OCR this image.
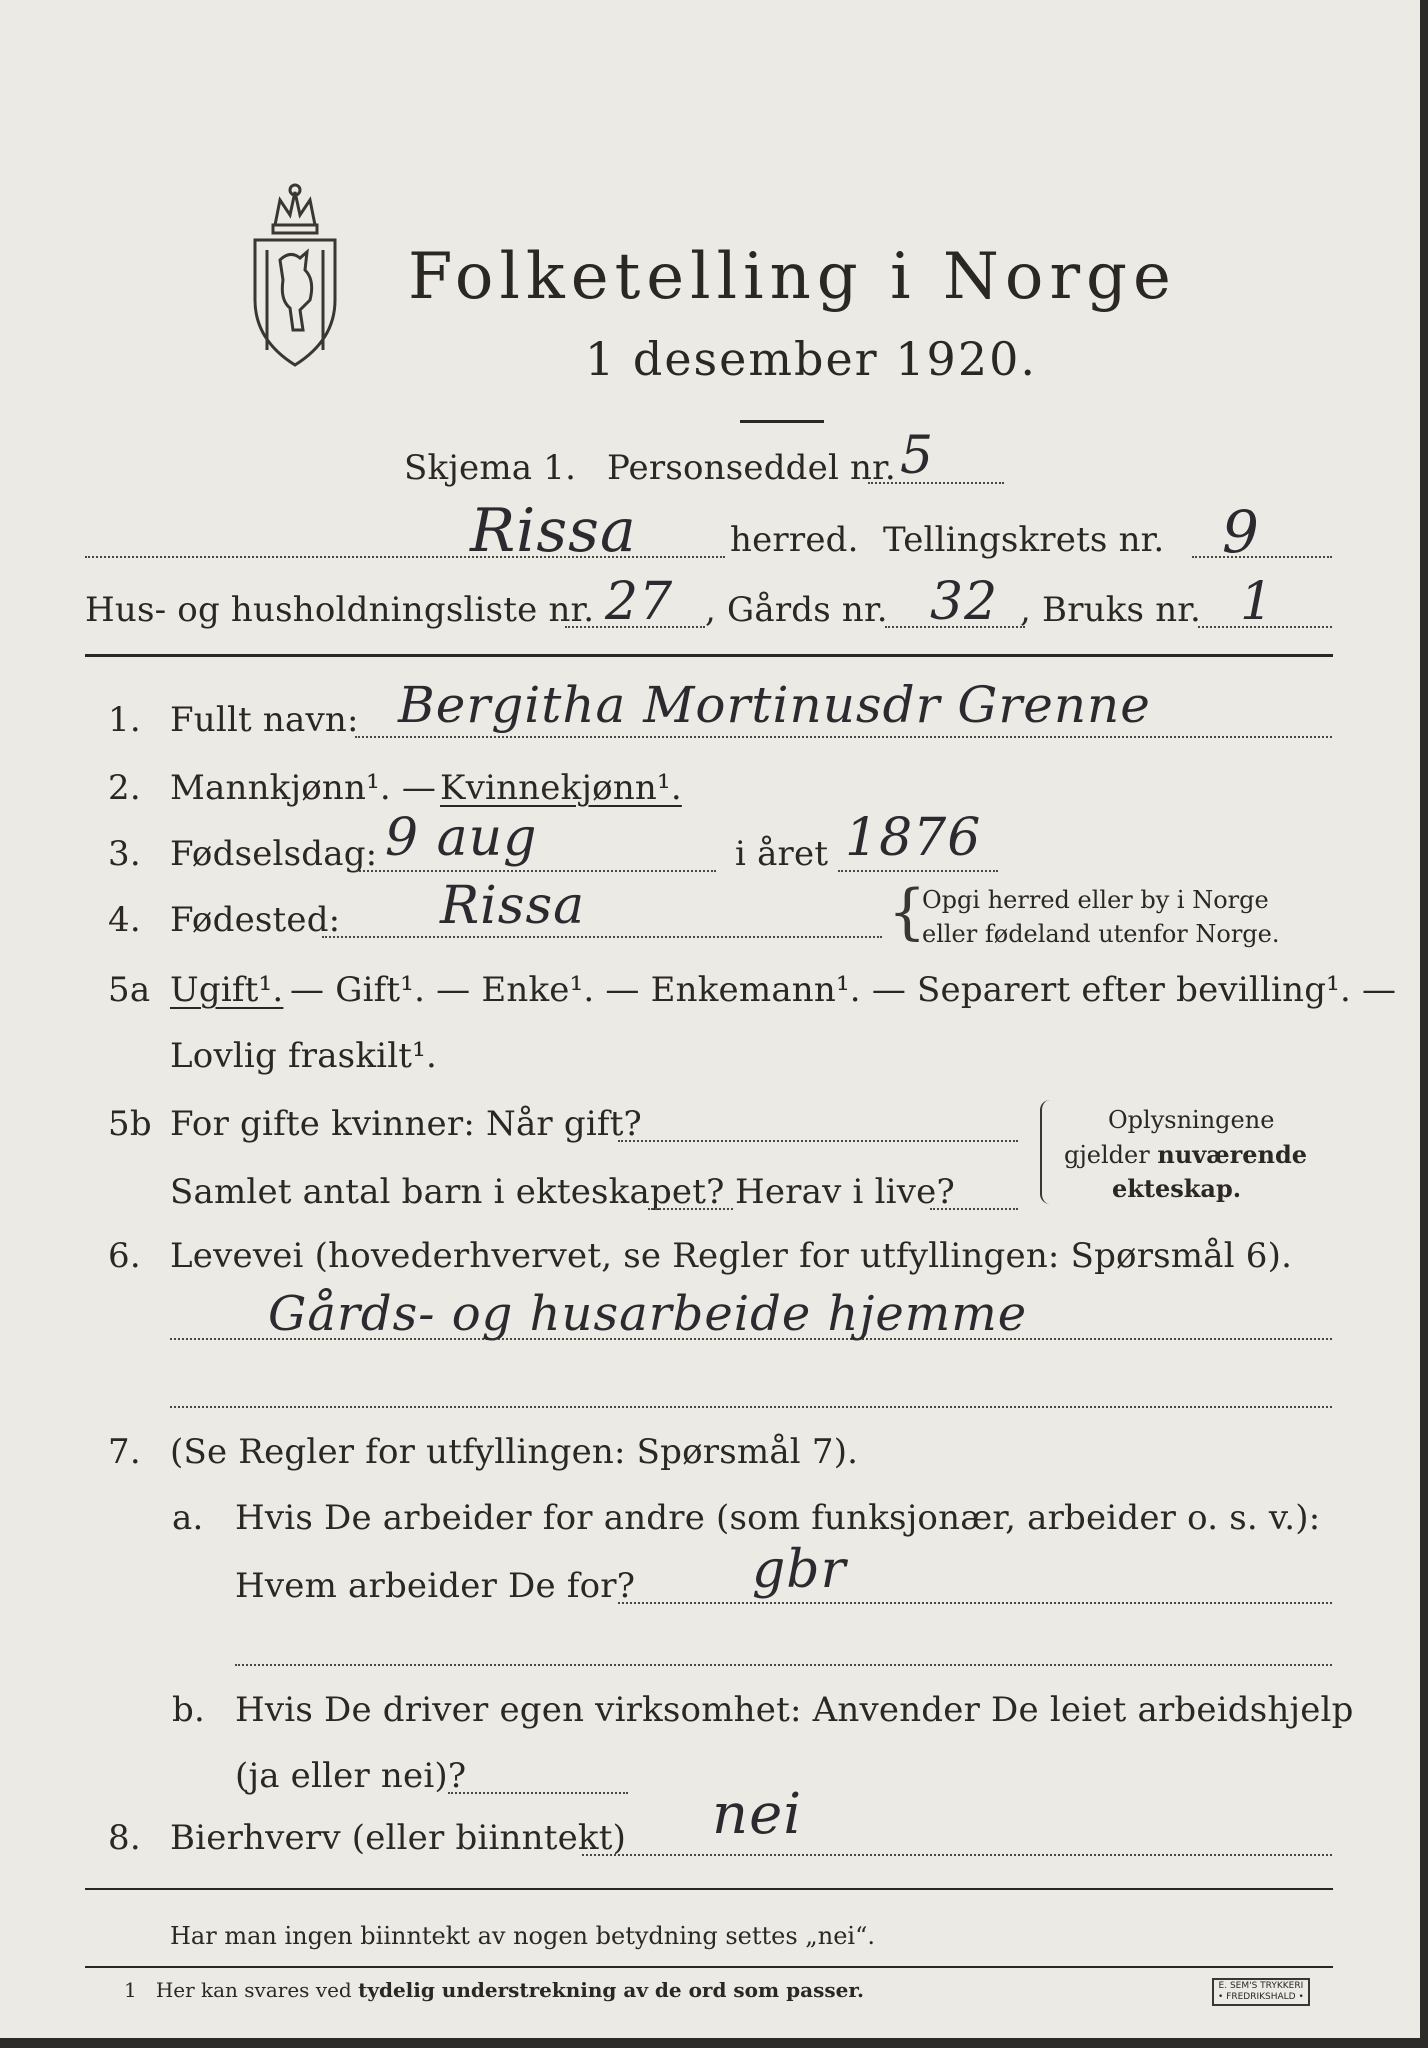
Folketelling i Norge
1 desember 1920.
Skjema 1. Personseddel nr. 5
Rissa	herred. Tellingskrets nr. 9
Hus- og husholdningsliste nr. 27 , Gårds nr. 32 , Bruks nr. 1
1. Fullt navn: Bergitha Mortinusdr Grenne
2. Mannkjønn¹. — Kvinnekjønn¹.
3. Fødselsdag: 9 aug	i året 1876
4. Fødested: Rissa	{
Opgi herred eller by i Norge
eller fødeland utenfor Norge.
5a Ugift¹. — Gift¹. — Enke¹. — Enkemann¹. — Separert efter bevilling¹. —
Lovlig fraskilt¹.
5b For gifte kvinner: Når gift?
Samlet antal barn i ekteskapet? Herav i live?
Oplysningene
gjelder nuværende
ekteskap.
6. Levevei (hovederhvervet, se Regler for utfyllingen: Spørsmål 6).
Gårds- og husarbeide hjemme
7. (Se Regler for utfyllingen: Spørsmål 7).
a. Hvis De arbeider for andre (som funksjonær, arbeider o. s. v.):
Hvem arbeider De for? gbr
b. Hvis De driver egen virksomhet: Anvender De leiet arbeidshjelp
(ja eller nei)?
8. Bierhverv (eller biinntekt) nei
Har man ingen biinntekt av nogen betydning settes „nei“.
1 Her kan svares ved tydelig understrekning av de ord som passer.	E. SEM'S TRYKKERI
• FREDRIKSHALD •
